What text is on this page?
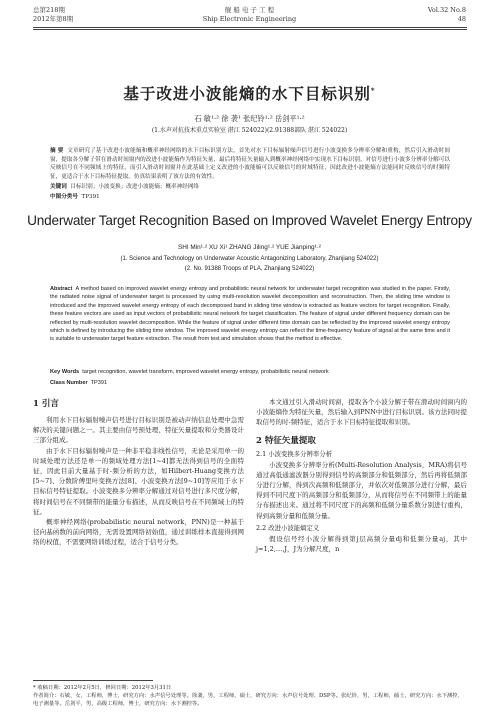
总第218期
2012年第8期
舰 船 电 子 工 程
Ship Electronic Engineering
Vol.32 No.8
48
基于改进小波能熵的水下目标识别*
石 敏¹·² 徐 袭¹ 张纪铃¹·² 岳剑平¹·²
(1.水声对抗技术重点实验室 湛江 524022)(2.91388部队 湛江 524022)
摘 要 文章研究了基于改进小波能熵和概率神经网络的水下目标识别方法。首先对水下目标辐射噪声信号进行小波变换多分辨率分解和重构，然后引入滑动时间窗，提取各分解子带在滑动时间窗内的改进小波能熵作为特征矢量，最后将特征矢量输入到概率神经网络中实现水下目标识别。对信号进行小波多分辨率分解可以反映信号在不同频域上的特征，而引入滑动时间窗并在此基础上定义改进的小波能熵可以反映信号的时域特征，因此改进小波能熵方法能同时反映信号的时频特征，更适合于水下目标特征提取。仿真结果表明了该方法的有效性。
关键词 目标识别；小波变换；改进小波能熵；概率神经网络
中图分类号 TP391
Underwater Target Recognition Based on Improved Wavelet Energy Entropy
SHI Min¹·² XU Xi¹ ZHANG Jiling¹·² YUE Jianping¹·²
(1. Science and Technology on Underwater Acoustic Antagonizing Laboratory, Zhanjiang 524022)
(2. No. 91388 Troops of PLA, Zhanjiang 524022)
Abstract A method based on improved wavelet energy entropy and probabilistic neural network for underwater target recognition was studied in the paper. Firstly, the radiated noise signal of underwater target is processed by using multi-resolution wavelet decomposition and reconstruction. Then, the sliding time window is introduced and the improved wavelet energy entropy of each decomposed band in sliding time window is extracted as feature vectors for target recognition. Finally, these feature vectors are used as input vectors of probabilistic neural network for target classification. The feature of signal under different frequency domain can be reflected by multi-resolution wavelet decomposition. While the feature of signal under different time domain can be reflected by the improved wavelet energy entropy which is defined by introducing the sliding time window. The improved wavelet energy entropy can reflect the time-frequency feature of signal at the same time and it is suitable to underwater target feature extraction. The result from test and simulation shows that the method is effective.
Key Words target recognition, wavelet transform, improved wavelet energy entropy, probabilistic neural network
Class Number TP391
1 引言
利用水下目标辐射噪声信号进行目标识别是被动声纳信息处理中急需解决的关键问题之一。其主要由信号预处理、特征矢量提取和分类器设计三部分组成。
由于水下目标辐射噪声是一种非平稳非线性信号，无论是采用单一的时域处理方法还是单一的频域处理方法[1~4]都无法得到信号的全面特征，因此目前大量基于时-频分析的方法，如Hilbert-Huang变换方法[5~7]、分数阶傅里叶变换方法[8]、小波变换方法[9~10]等应用于水下目标信号特征提取。小波变换多分辨率分解通过对信号进行多尺度分解，将时间信号在不同频带的能量分布描述，从而反映信号在不同频域上的特征。
概率神经网络(probabilistic neural network，PNN)是一种基于径向基函数的前向网络，无需设置网络初始值，通过训练样本直接得到网络的权值，不需要网络训练过程，适合于信号分类。
本文通过引入滑动时间窗，提取各个小波分解子带在滑动时间窗内的小波能熵作为特征矢量，然后输入到PNN中进行目标识别。该方法同时提取信号的时-频特征，适合于水下目标特征提取和识别。
2 特征矢量提取
2.1 小波变换多分辨率分析
小波变换多分辨率分析(Multi-Resolution Analysis，MRA)将信号通过高低通滤波器分别得到信号的高频部分和低频部分，然后再将低频部分进行分解，得到次高频和低频部分，并依次对低频部分进行分解，最后得到不同尺度下的高频部分和低频部分，从而将信号在不同频带上的能量分布描述出来。通过将不同尺度下的高频和低频分量系数分别进行重构，得到高频分量和低频分量。
2.2 改进小波能熵定义
假设信号经小波分解得到第j层高频分量dj和低频分量aj，其中j=1,2,…,J，J为分解尺度，n
* 收稿日期：2012年2月5日，修回日期：2012年3月31日
作者简介：石敏，女，工程师，博士，研究方向：水声信号处理等。徐袭，男，工程师，硕士，研究方向：水声信号处理、DSP等。张纪铃，男，工程师，硕士，研究方向：水下测控、电子测量等。岳剑平，男，高级工程师，博士，研究方向：水下测控等。
